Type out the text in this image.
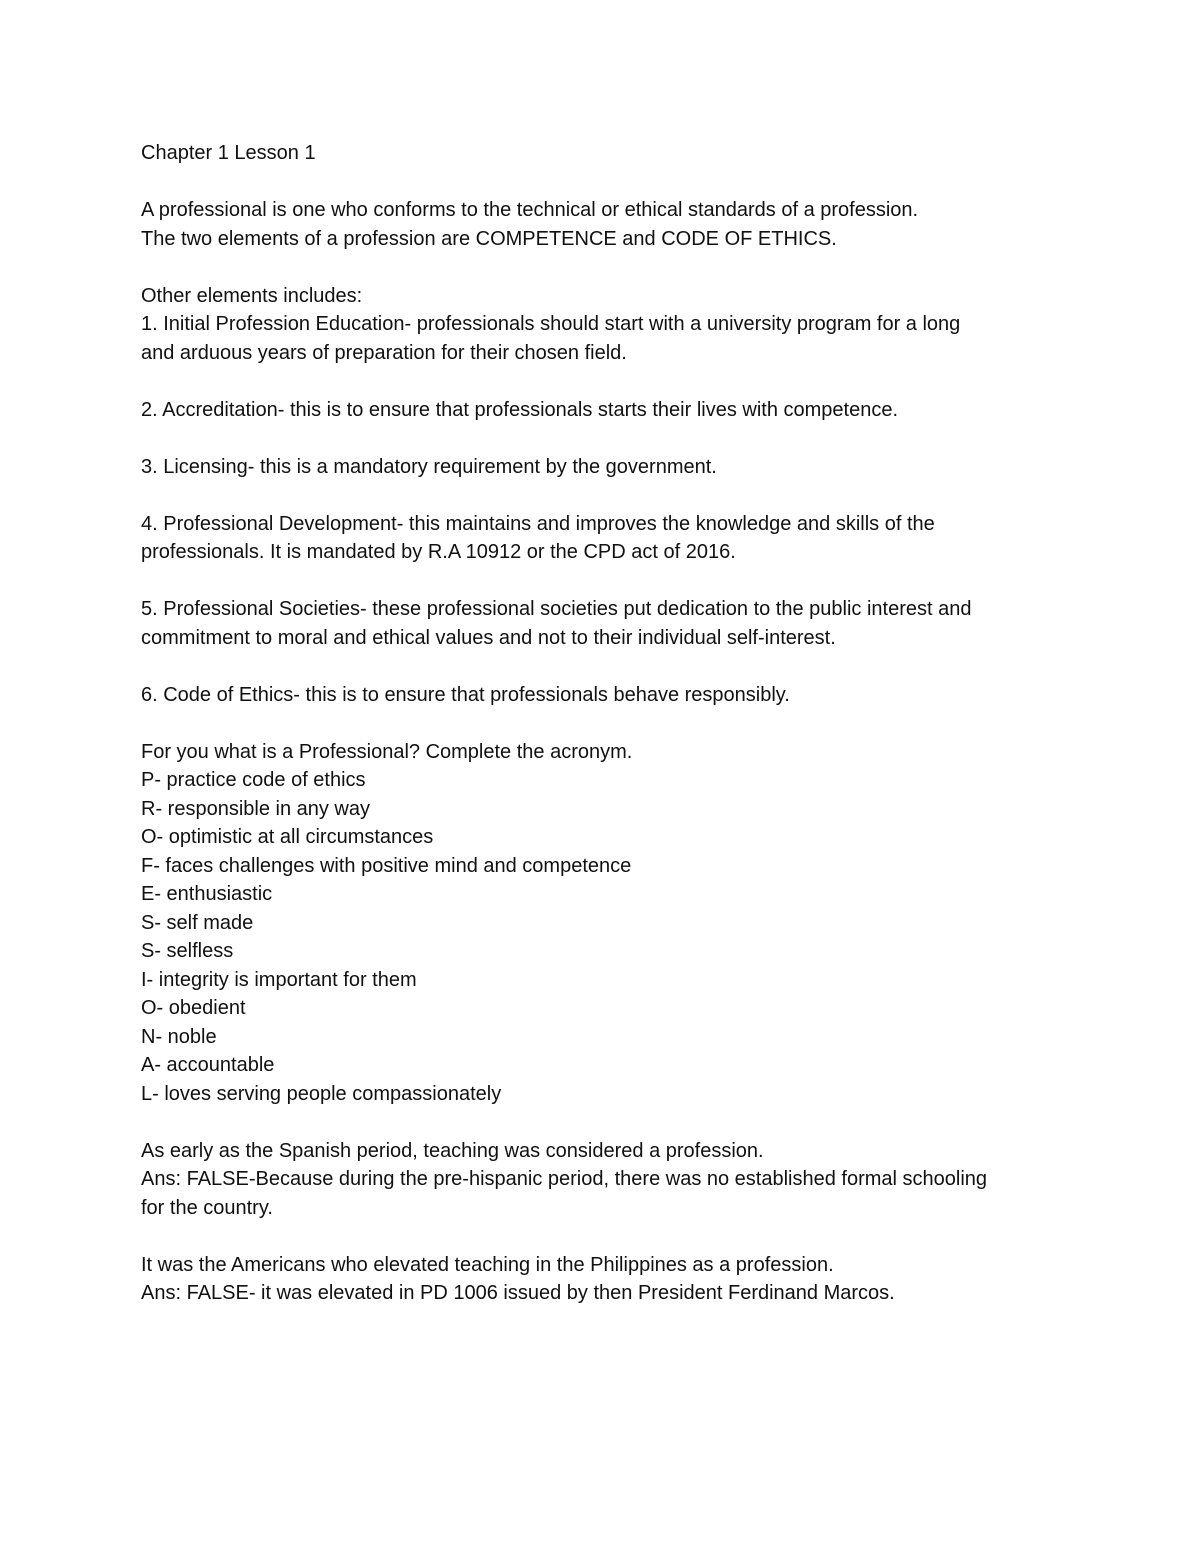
Chapter 1 Lesson 1
A professional is one who conforms to the technical or ethical standards of a profession.
The two elements of a profession are COMPETENCE and CODE OF ETHICS.
Other elements includes:
1. Initial Profession Education- professionals should start with a university program for a long
and arduous years of preparation for their chosen field.
2. Accreditation- this is to ensure that professionals starts their lives with competence.
3. Licensing- this is a mandatory requirement by the government.
4. Professional Development- this maintains and improves the knowledge and skills of the
professionals. It is mandated by R.A 10912 or the CPD act of 2016.
5. Professional Societies- these professional societies put dedication to the public interest and
commitment to moral and ethical values and not to their individual self-interest.
6. Code of Ethics- this is to ensure that professionals behave responsibly.
For you what is a Professional? Complete the acronym.
P- practice code of ethics
R- responsible in any way
O- optimistic at all circumstances
F- faces challenges with positive mind and competence
E- enthusiastic
S- self made
S- selfless
I- integrity is important for them
O- obedient
N- noble
A- accountable
L- loves serving people compassionately
As early as the Spanish period, teaching was considered a profession.
Ans: FALSE-Because during the pre-hispanic period, there was no established formal schooling
for the country.
It was the Americans who elevated teaching in the Philippines as a profession.
Ans: FALSE- it was elevated in PD 1006 issued by then President Ferdinand Marcos.
